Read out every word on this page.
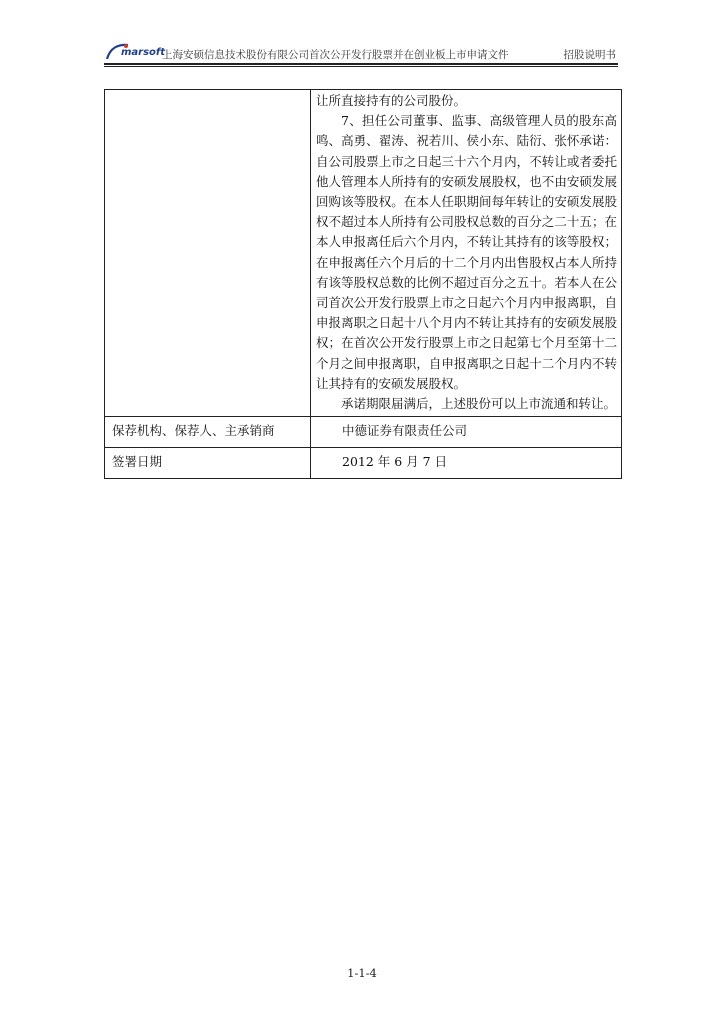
marsoft
上海安硕信息技术股份有限公司首次公开发行股票并在创业板上市申请文件	招股说明书

	让所直接持有的公司股份。

7、担任公司董事、监事、高级管理人员的股东高鸣、高勇、翟涛、祝若川、侯小东、陆衍、张怀承诺：自公司股票上市之日起三十六个月内，不转让或者委托他人管理本人所持有的安硕发展股权，也不由安硕发展回购该等股权。在本人任职期间每年转让的安硕发展股权不超过本人所持有公司股权总数的百分之二十五；在本人申报离任后六个月内，不转让其持有的该等股权；在申报离任六个月后的十二个月内出售股权占本人所持有该等股权总数的比例不超过百分之五十。若本人在公司首次公开发行股票上市之日起六个月内申报离职，自申报离职之日起十八个月内不转让其持有的安硕发展股权；在首次公开发行股票上市之日起第七个月至第十二个月之间申报离职，自申报离职之日起十二个月内不转让其持有的安硕发展股权。

承诺期限届满后，上述股份可以上市流通和转让。

保荐机构、保荐人、主承销商	中德证券有限责任公司

签署日期	2012 年 6 月 7 日
1-1-4
